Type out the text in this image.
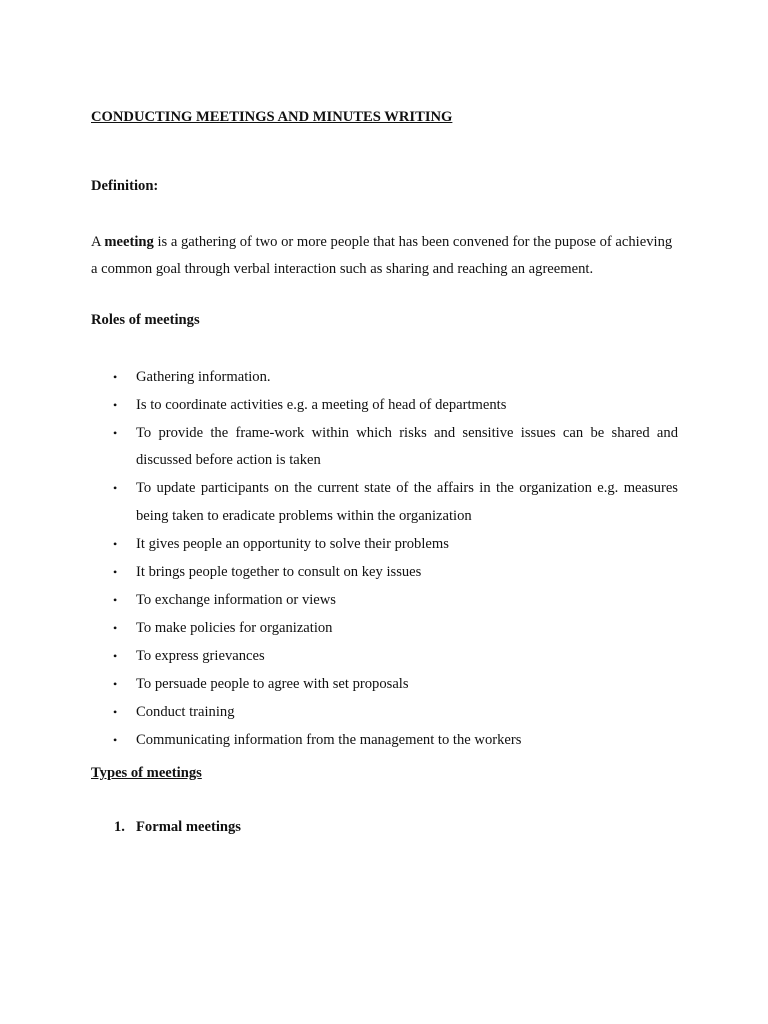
CONDUCTING MEETINGS AND MINUTES WRITING
Definition:

A meeting is a gathering of two or more people that has been convened for the pupose of achieving a common goal through verbal interaction such as sharing and reaching an agreement.

Roles of meetings
• Gathering information.
• Is to coordinate activities e.g. a meeting of head of departments
• To provide the frame-work within which risks and sensitive issues can be shared and discussed before action is taken
• To update participants on the current state of the affairs in the organization e.g. measures being taken to eradicate problems within the organization
• It gives people an opportunity to solve their problems
• It brings people together to consult on key issues
• To exchange information or views
• To make policies for organization
• To express grievances
• To persuade people to agree with set proposals
• Conduct training
• Communicating information from the management to the workers
Types of meetings
1. Formal meetings
